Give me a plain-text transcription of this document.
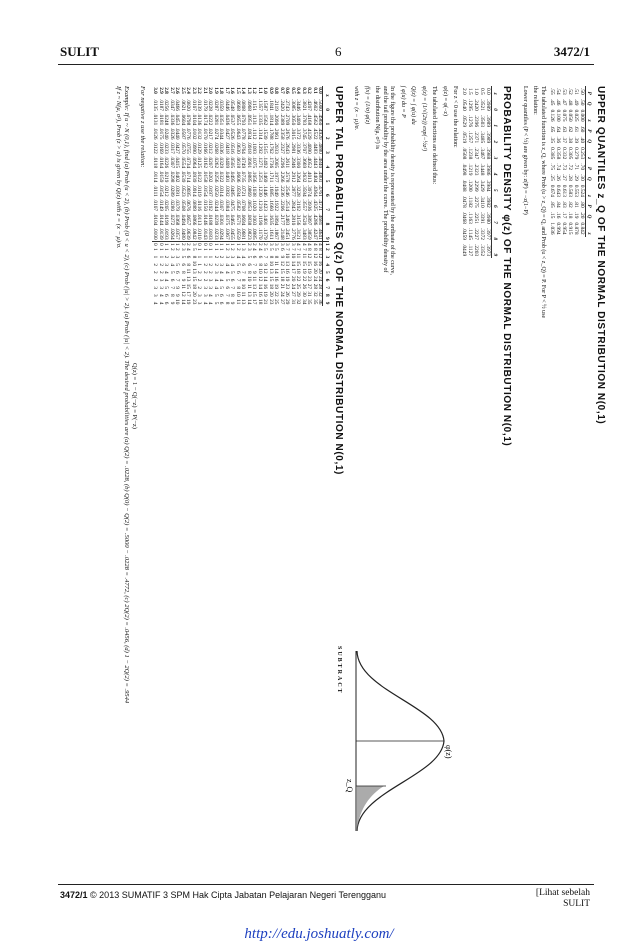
SULIT	6	3472/1
UPPER TAIL PROBABILITIES Q(z) OF THE NORMAL DISTRIBUTION N(0,1)
z	0	1	2	3	4	5	6	7	8	9	1	2	3	4	5	6	7	8	9
0.0	.5000	.4960	.4920	.4880	.4840	.4801	.4761	.4721	.4681	.4641	4	8	12	16	20	24	28	32	36
0.1	.4602	.4562	.4522	.4483	.4443	.4404	.4364	.4325	.4286	.4247	4	8	12	16	20	24	28	32	35
0.2	.4207	.4168	.4129	.4090	.4052	.4013	.3974	.3936	.3897	.3859	4	8	12	15	19	23	27	31	35
0.3	.3821	.3783	.3745	.3707	.3669	.3632	.3594	.3557	.3520	.3483	4	7	11	15	19	22	26	30	34
0.4	.3446	.3409	.3372	.3336	.3300	.3264	.3228	.3192	.3156	.3121	4	7	11	15	18	22	25	29	32
0.5	.3085	.3050	.3015	.2981	.2946	.2912	.2877	.2843	.2810	.2776	3	7	10	14	17	20	24	27	31
0.6	.2743	.2709	.2676	.2643	.2611	.2578	.2546	.2514	.2483	.2451	3	7	10	13	16	19	23	26	29
0.7	.2420	.2389	.2358	.2327	.2296	.2266	.2236	.2206	.2177	.2148	3	6	9	12	15	18	21	24	27
0.8	.2119	.2090	.2061	.2033	.2005	.1977	.1949	.1922	.1894	.1867	3	5	8	11	14	16	19	22	25
0.9	.1841	.1814	.1788	.1762	.1736	.1711	.1685	.1660	.1635	.1611	3	5	8	10	13	15	18	20	23
1.0	.1587	.1562	.1539	.1515	.1492	.1469	.1446	.1423	.1401	.1379	2	5	7	9	12	14	16	19	21
1.1	.1357	.1335	.1314	.1292	.1271	.1251	.1230	.1210	.1190	.1170	2	4	6	8	10	12	14	16	18
1.2	.1151	.1131	.1112	.1093	.1075	.1056	.1038	.1020	.1003	.0985	2	4	6	7	9	11	13	15	17
1.3	.0968	.0951	.0934	.0918	.0901	.0885	.0869	.0853	.0838	.0823	2	3	5	6	8	10	11	13	14
1.4	.0808	.0793	.0778	.0764	.0749	.0735	.0721	.0708	.0694	.0681	1	3	4	6	7	8	10	11	13
1.5	.0668	.0655	.0643	.0630	.0618	.0606	.0594	.0582	.0571	.0559	1	2	4	5	6	7	8	10	11
1.6	.0548	.0537	.0526	.0516	.0505	.0495	.0485	.0475	.0465	.0455	1	2	3	4	5	6	7	8	9
1.7	.0446	.0436	.0427	.0418	.0409	.0401	.0392	.0384	.0375	.0367	1	2	3	4	4	5	6	7	8
1.8	.0359	.0351	.0344	.0336	.0329	.0322	.0314	.0307	.0301	.0294	1	1	2	3	4	4	5	6	6
1.9	.0287	.0281	.0274	.0268	.0262	.0256	.0250	.0244	.0239	.0233	1	1	2	2	3	4	4	5	5
2.0	.0228	.0222	.0217	.0212	.0207	.0202	.0197	.0192	.0188	.0183	0	1	1	2	2	3	3	4	4
2.1	.0179	.0174	.0170	.0166	.0162	.0158	.0154	.0150	.0146	.0143	0	1	1	2	2	2	3	3	4
2.2	.0139	.0136	.0132	.0129	.0125	.0122	.0119	.0116	.0113	.0110	0	1	1	1	2	2	2	3	3
2.3	.0107	.0104	.0102	.0990	.0964	.0939	.0914	.0889	.0866	.0842	3	5	8	10	13	15	18	20	23
2.4	.0820	.0798	.0776	.0755	.0734	.0714	.0695	.0676	.0657	.0639	2	4	6	8	11	13	15	17	19
2.5	.0621	.0604	.0587	.0570	.0554	.0539	.0523	.0508	.0494	.0480	2	3	5	6	8	9	11	12	14
2.6	.0466	.0453	.0440	.0427	.0415	.0402	.0391	.0379	.0368	.0357	1	2	3	5	6	7	9	9	10
2.7	.0347	.0336	.0326	.0317	.0307	.0298	.0289	.0280	.0272	.0264	1	2	3	4	5	6	7	8	9
2.8	.0256	.0248	.0240	.0233	.0226	.0219	.0212	.0205	.0199	.0193	1	1	2	3	4	4	5	6	6
2.9	.0187	.0181	.0175	.0169	.0164	.0159	.0154	.0149	.0144	.0139	0	1	1	2	2	3	3	4	4
3.0	.0135	.0131	.0126	.0122	.0118	.0114	.0111	.0107	.0104	.0100	0	1	1	2	2	2	3	3	4
For negative z use the relation:
Q(z) = 1 − Q(−z) = P(−z)
Example: If u ~ N (0,1), find (a) Prob (u < 2), (b) Prob (0 < u < 2), (c) Prob (|u| > 2). (a) Prob (|u| < 2). The desired probabilities are (a) Q(2) = .0228, (b) Q(0) − Q(2) = .5000 − .0228 = .4772, (c) 2Q(2) = .0456, (d) 1 − 2Q(2) = .9544
If z ~ N(μ, σ²), Prob (z > a) is given by Q(z) with z = (x − μ)/σ.
SUBTRACT
UPPER QUANTILES z_Q OF THE NORMAL DISTRIBUTION N(0,1)
P	Q	z	P	Q	z	P	Q	z	P	Q	z
.50	.50	0.000	.60	.40	0.253	.70	.30	0.524	.80	.20	0.842
.51	.49	0.025	.61	.39	0.279	.71	.29	0.553	.81	.19	0.878
.52	.48	0.050	.62	.38	0.305	.72	.28	0.583	.82	.18	0.915
.53	.47	0.075	.63	.37	0.332	.73	.27	0.613	.83	.17	0.954
.54	.46	0.100	.64	.36	0.358	.74	.26	0.643	.84	.16	0.994
.55	.45	0.126	.65	.35	0.385	.75	.25	0.674	.85	.15	1.036
The tabulated function is z_Q, where Prob (u > z_Q) = Q, and Prob (u < z_Q) = P. For P < ½ use the relation:
Lower quantiles (P < ½) are given by: z(P) = −z(1−P)
PROBABILITY DENSITY φ(z) OF THE NORMAL DISTRIBUTION N(0,1)
z	0	1	2	3	4	5	6	7	8	9
0.0	.3989	.3989	.3989	.3988	.3986	.3984	.3982	.3980	.3977	.3973
0.5	.3521	.3503	.3485	.3467	.3448	.3429	.3410	.3391	.3372	.3352
1.0	.2420	.2396	.2371	.2347	.2323	.2299	.2275	.2251	.2227	.2203
1.5	.1295	.1276	.1257	.1238	.1219	.1200	.1182	.1163	.1145	.1127
2.0	.0540	.0529	.0519	.0508	.0498	.0488	.0478	.0468	.0459	.0449
For z < 0 use the relation:
φ(z) = φ(−z)
The tabulated functions are defined thus:
φ(z) = (1/√(2π)) exp(−½z²)
Q(z) = ∫ φ(u) du
∫ φ(u) du = P
In the figure the probability density is represented by the ordinate of the curve, and the tail probability by the area under the curve. The probability density of the distribution N(μ, σ²) is
f(x) = (1/σ) φ(z)
with z = (x − μ)/σ.
φ(z)
z_Q
3472/1 © 2013 SUMATIF 3 SPM Hak Cipta Jabatan Pelajaran Negeri Terengganu	[Lihat sebelah
SULIT
http://edu.joshuatly.com/
